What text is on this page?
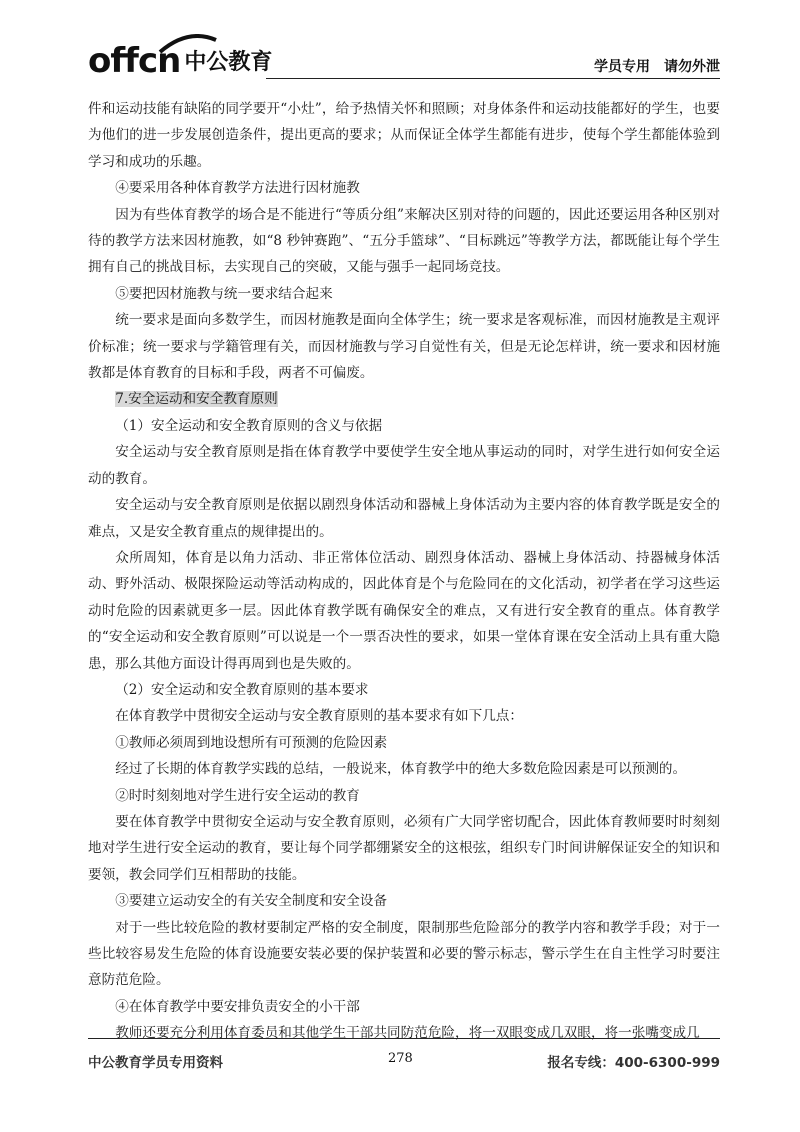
offcn 中公教育	学员专用　请勿外泄

件和运动技能有缺陷的同学要开“小灶”，给予热情关怀和照顾；对身体条件和运动技能都好的学生，也要为他们的进一步发展创造条件，提出更高的要求；从而保证全体学生都能有进步，使每个学生都能体验到学习和成功的乐趣。

④要采用各种体育教学方法进行因材施教

因为有些体育教学的场合是不能进行“等质分组”来解决区别对待的问题的，因此还要运用各种区别对待的教学方法来因材施教，如“8 秒钟赛跑”、“五分手篮球”、“目标跳远”等教学方法，都既能让每个学生拥有自己的挑战目标，去实现自己的突破，又能与强手一起同场竞技。

⑤要把因材施教与统一要求结合起来

统一要求是面向多数学生，而因材施教是面向全体学生；统一要求是客观标准，而因材施教是主观评价标准；统一要求与学籍管理有关，而因材施教与学习自觉性有关，但是无论怎样讲，统一要求和因材施教都是体育教育的目标和手段，两者不可偏废。

7.安全运动和安全教育原则

（1）安全运动和安全教育原则的含义与依据

安全运动与安全教育原则是指在体育教学中要使学生安全地从事运动的同时，对学生进行如何安全运动的教育。

安全运动与安全教育原则是依据以剧烈身体活动和器械上身体活动为主要内容的体育教学既是安全的难点，又是安全教育重点的规律提出的。

众所周知，体育是以角力活动、非正常体位活动、剧烈身体活动、器械上身体活动、持器械身体活动、野外活动、极限探险运动等活动构成的，因此体育是个与危险同在的文化活动，初学者在学习这些运动时危险的因素就更多一层。因此体育教学既有确保安全的难点，又有进行安全教育的重点。体育教学的“安全运动和安全教育原则”可以说是一个一票否决性的要求，如果一堂体育课在安全活动上具有重大隐患，那么其他方面设计得再周到也是失败的。

（2）安全运动和安全教育原则的基本要求

在体育教学中贯彻安全运动与安全教育原则的基本要求有如下几点：

①教师必须周到地设想所有可预测的危险因素

经过了长期的体育教学实践的总结，一般说来，体育教学中的绝大多数危险因素是可以预测的。

②时时刻刻地对学生进行安全运动的教育

要在体育教学中贯彻安全运动与安全教育原则，必须有广大同学密切配合，因此体育教师要时时刻刻地对学生进行安全运动的教育，要让每个同学都绷紧安全的这根弦，组织专门时间讲解保证安全的知识和要领，教会同学们互相帮助的技能。

③要建立运动安全的有关安全制度和安全设备

对于一些比较危险的教材要制定严格的安全制度，限制那些危险部分的教学内容和教学手段；对于一些比较容易发生危险的体育设施要安装必要的保护装置和必要的警示标志，警示学生在自主性学习时要注意防范危险。

④在体育教学中要安排负责安全的小干部

教师还要充分利用体育委员和其他学生干部共同防范危险，将一双眼变成几双眼，将一张嘴变成几

中公教育学员专用资料	278	报名专线：400-6300-999
